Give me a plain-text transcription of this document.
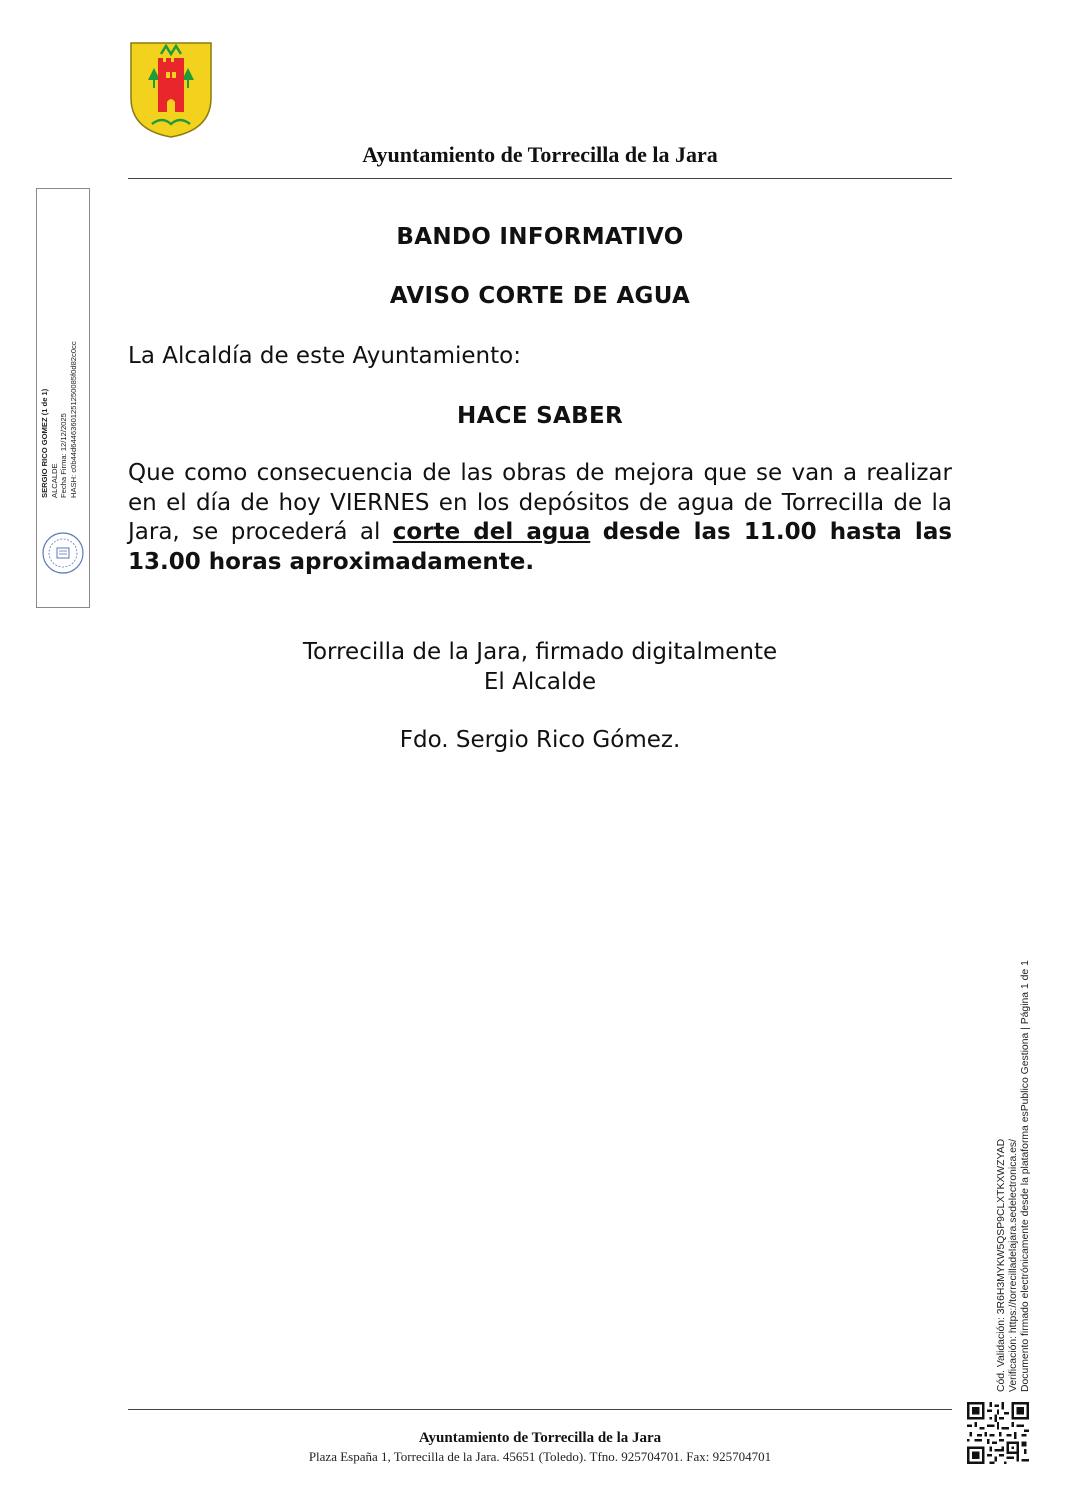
Ayuntamiento de Torrecilla de la Jara
SERGIO RICO GOMEZ (1 de 1) ALCALDE Fecha Firma: 12/12/2025 HASH: c0b44d64463601251250085f0d82c0cc
BANDO INFORMATIVO
AVISO CORTE DE AGUA
La Alcaldía de este Ayuntamiento:
HACE SABER
Que como consecuencia de las obras de mejora que se van a realizar en el día de hoy VIERNES en los depósitos de agua de Torrecilla de la Jara, se procederá al corte del agua desde las 11.00 hasta las 13.00 horas aproximadamente.
Torrecilla de la Jara, firmado digitalmente
El Alcalde
Fdo. Sergio Rico Gómez.
Cód. Validación: 3R6H3MYKW5QSP9CLXTKXWZYAD Verificación: https://torrecilladelajara.sedelectronica.es/ Documento firmado electrónicamente desde la plataforma esPublico Gestiona | Página 1 de 1
Ayuntamiento de Torrecilla de la Jara
Plaza España 1, Torrecilla de la Jara. 45651 (Toledo). Tfno. 925704701. Fax: 925704701
